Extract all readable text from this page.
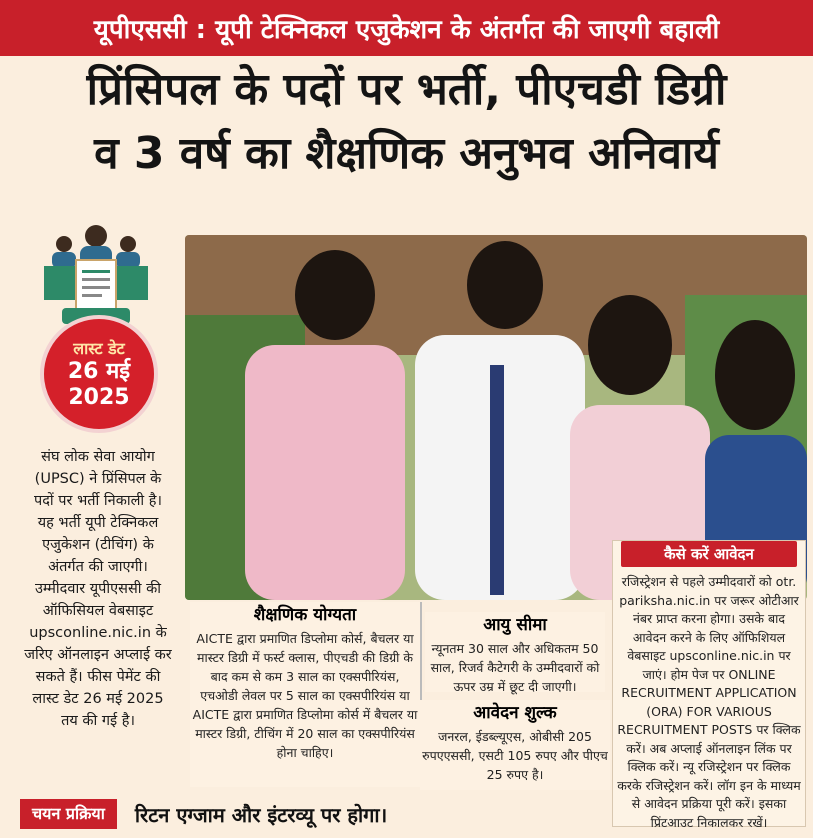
यूपीएससी : यूपी टेक्निकल एजुकेशन के अंतर्गत की जाएगी बहाली
प्रिंसिपल के पदों पर भर्ती, पीएचडी डिग्री
व 3 वर्ष का शैक्षणिक अनुभव अनिवार्य
लास्ट डेट
26 मई
2025
संघ लोक सेवा आयोग (UPSC) ने प्रिंसिपल के पदों पर भर्ती निकाली है। यह भर्ती यूपी टेक्निकल एजुकेशन (टीचिंग) के अंतर्गत की जाएगी। उम्मीदवार यूपीएससी की ऑफिसियल वेबसाइट upsconline.nic.in के जरिए ऑनलाइन अप्लाई कर सकते हैं। फीस पेमेंट की लास्ट डेट 26 मई 2025 तय की गई है।
शैक्षणिक योग्यता
AICTE द्वारा प्रमाणित डिप्लोमा कोर्स, बैचलर या मास्टर डिग्री में फर्स्ट क्लास, पीएचडी की डिग्री के बाद कम से कम 3 साल का एक्सपीरियंस, एचओडी लेवल पर 5 साल का एक्सपीरियंस या AICTE द्वारा प्रमाणित डिप्लोमा कोर्स में बैचलर या मास्टर डिग्री, टीचिंग में 20 साल का एक्सपीरियंस होना चाहिए।
आयु सीमा
न्यूनतम 30 साल और अधिकतम 50 साल, रिजर्व कैटेगरी के उम्मीदवारों को ऊपर उम्र में छूट दी जाएगी।
आवेदन शुल्क
जनरल, ईडब्ल्यूएस, ओबीसी 205 रुपएएससी, एसटी 105 रुपए और पीएच 25 रुपए है।
कैसे करें आवेदन
रजिस्ट्रेशन से पहले उम्मीदवारों को otr. pariksha.nic.in पर जरूर ओटीआर नंबर प्राप्त करना होगा। उसके बाद आवेदन करने के लिए ऑफिशियल वेबसाइट upsconline.nic.in पर जाएं। होम पेज पर ONLINE RECRUITMENT APPLICATION (ORA) FOR VARIOUS RECRUITMENT POSTS पर क्लिक करें। अब अप्लाई ऑनलाइन लिंक पर क्लिक करें। न्यू रजिस्ट्रेशन पर क्लिक करके रजिस्ट्रेशन करें। लॉग इन के माध्यम से आवेदन प्रक्रिया पूरी करें। इसका प्रिंटआउट निकालकर रखें।
चयन प्रक्रिया	रिटन एग्जाम और इंटरव्यू पर होगा।
